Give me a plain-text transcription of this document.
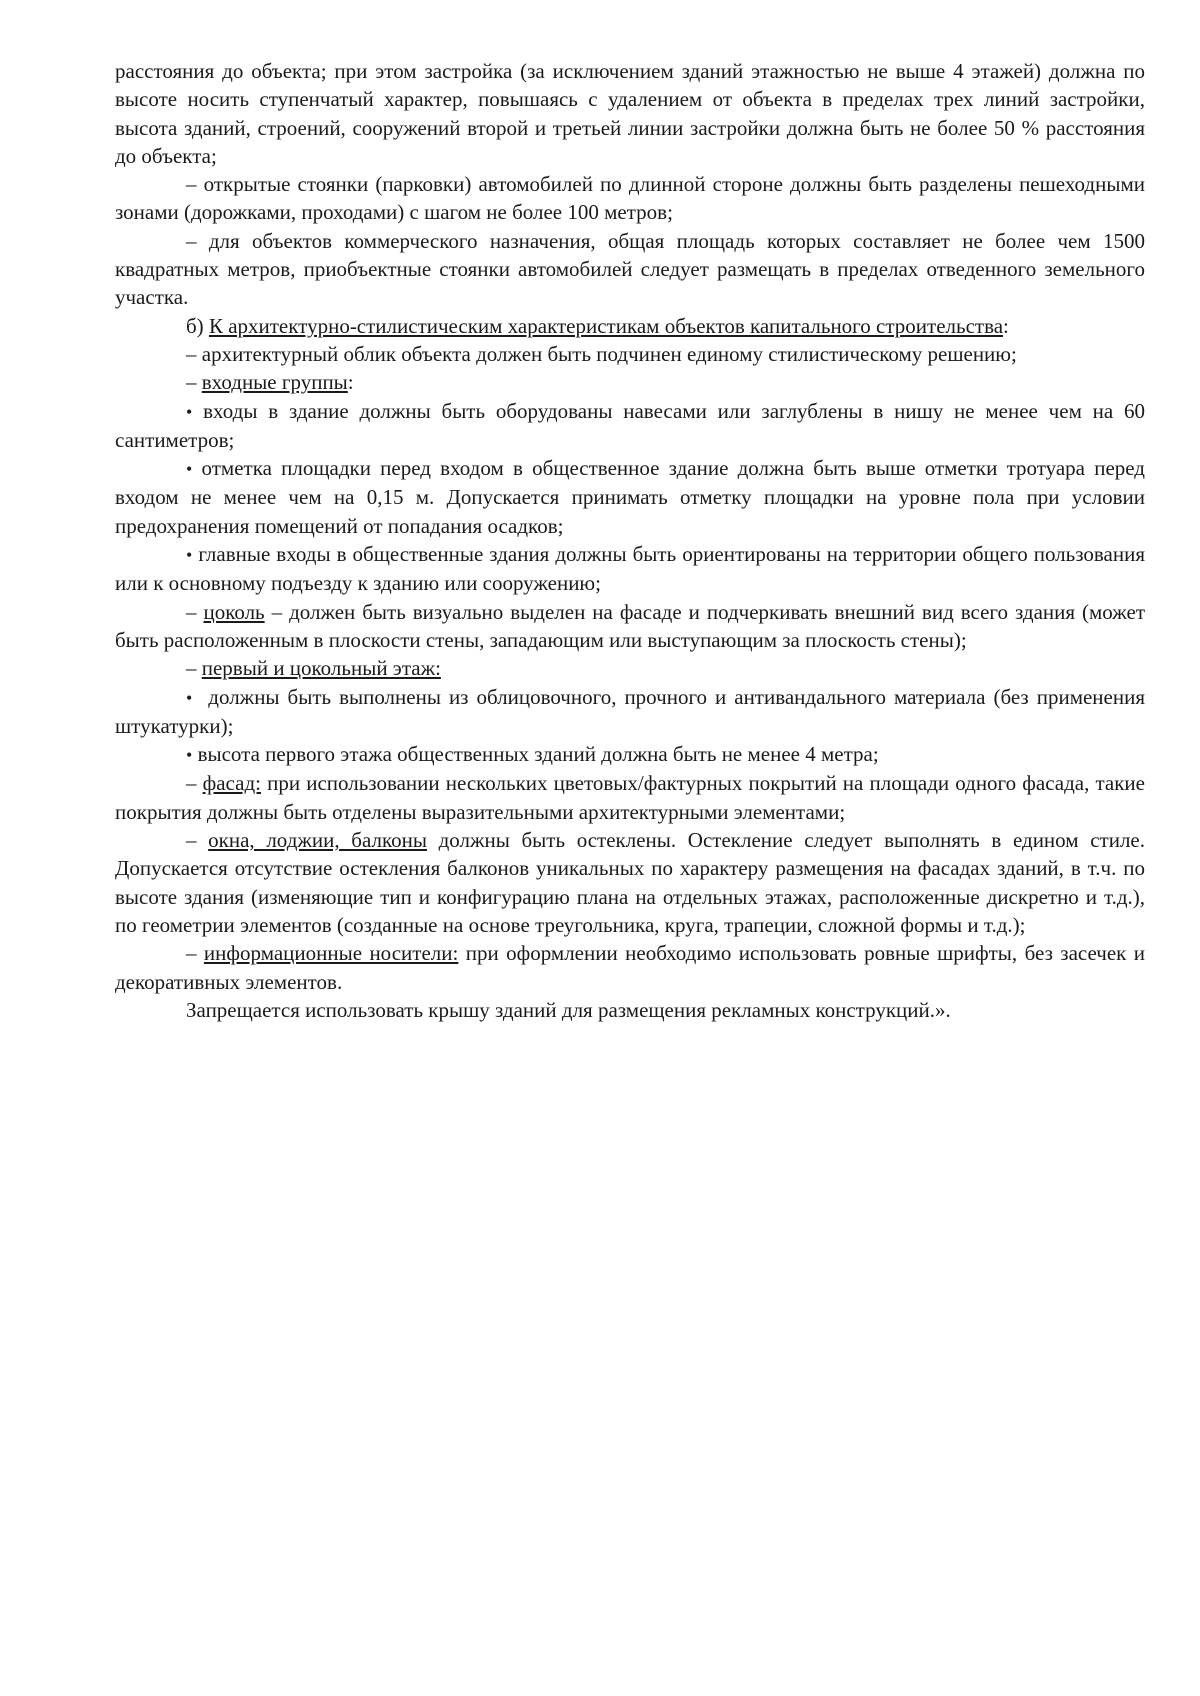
расстояния до объекта; при этом застройка (за исключением зданий этажностью не выше 4 этажей) должна по высоте носить ступенчатый характер, повышаясь с удалением от объекта в пределах трех линий застройки, высота зданий, строений, сооружений второй и третьей линии застройки должна быть не более 50 % расстояния до объекта;

– открытые стоянки (парковки) автомобилей по длинной стороне должны быть разделены пешеходными зонами (дорожками, проходами) с шагом не более 100 метров;

– для объектов коммерческого назначения, общая площадь которых составляет не более чем 1500 квадратных метров, приобъектные стоянки автомобилей следует размещать в пределах отведенного земельного участка.

б) К архитектурно-стилистическим характеристикам объектов капитального строительства:

– архитектурный облик объекта должен быть подчинен единому стилистическому решению;

– входные группы:

• входы в здание должны быть оборудованы навесами или заглублены в нишу не менее чем на 60 сантиметров;

• отметка площадки перед входом в общественное здание должна быть выше отметки тротуара перед входом не менее чем на 0,15 м. Допускается принимать отметку площадки на уровне пола при условии предохранения помещений от попадания осадков;

• главные входы в общественные здания должны быть ориентированы на территории общего пользования или к основному подъезду к зданию или сооружению;

– цоколь – должен быть визуально выделен на фасаде и подчеркивать внешний вид всего здания (может быть расположенным в плоскости стены, западающим или выступающим за плоскость стены);

– первый и цокольный этаж:

• должны быть выполнены из облицовочного, прочного и антивандального материала (без применения штукатурки);

• высота первого этажа общественных зданий должна быть не менее 4 метра;

– фасад: при использовании нескольких цветовых/фактурных покрытий на площади одного фасада, такие покрытия должны быть отделены выразительными архитектурными элементами;

– окна, лоджии, балконы должны быть остеклены. Остекление следует выполнять в едином стиле. Допускается отсутствие остекления балконов уникальных по характеру размещения на фасадах зданий, в т.ч. по высоте здания (изменяющие тип и конфигурацию плана на отдельных этажах, расположенные дискретно и т.д.), по геометрии элементов (созданные на основе треугольника, круга, трапеции, сложной формы и т.д.);

– информационные носители: при оформлении необходимо использовать ровные шрифты, без засечек и декоративных элементов.

Запрещается использовать крышу зданий для размещения рекламных конструкций.».
